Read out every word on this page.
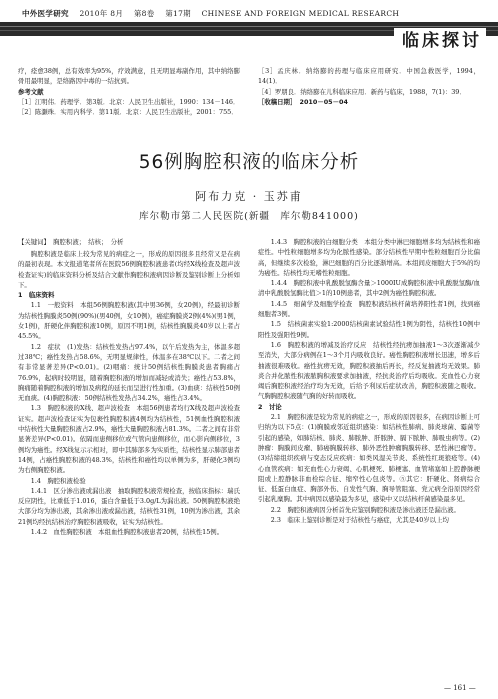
中外医学研究 2010年 8月 第8卷 第17期 CHINESE AND FOREIGN MEDICAL RESEARCH
临床探讨

疗，痊愈38例，总有效率为95%，疗效满意，且无明显毒副作用，其中纳络膨骨用最明显，是络路因中毒的一结抗到。

参考文献

［1］江明伟．药理学．第3版．北京：人民卫生出版社，1990：134－146．

［2］陈灏珠．实用内科学．第11版．北京：人民卫生出版社，2001：755．

［3］孟庆林．纳络膨的药理与临床应用研究．中国急救医学，1994，14(1)．

［4］罗朋良．纳络膨在儿科临床应用．新药与临床，1988，7(1)：39．

［收稿日期］　2010－05－04

56例胸腔积液的临床分析
阿布力克 · 玉苏甫
库尔勒市第二人民医院(新疆　库尔勒841000)
【关键词】　胸腔积液；　结核；　分析

胸腔积液是临床上较为常见的病症之一，形成的原因很多且经常又是在病的最初表现。本文报道笔者所在医院56例胸腔积液患者(均经X线检查及超声波检查证实)的临床资料分析及结合文献作胸腔积液病因诊断及鉴别诊断上分析如下。

1　临床资料

1.1　一般资料　本组56例胸腔积液(其中男36例，女20例)，经最初诊断为结核性胸膜炎50例(90%)(男40例，女10例)，癌症胸膜炎2例(4%)(男1例，女1例)，肝硬化伴胸腔积液10例，原因不明1例，结核性胸膜炎40岁以上者占45.5%。

1.2　症状　(1)发热：结核性发热占97.4%，以午后发热为主，体温多超过38℃；癌性发热占58.6%，无明显规律性，体温多在38℃以下。二者之间有非常显著差异(P<0.01)。(2)咽痛：统计50例结核性胸膜炎患者胸痛占76.9%，起病时较明显，随着胸腔积液的增加而减轻或消失；癌性占53.8%，胸痛随着胸腔积液的增加及病程的延长而呈进行性加重。(3)血痰：结核性50例无血痰。(4)胸腔积液：50例结核性发热占34.2%，癌性占3.4%。

1.3　胸腔积液的X线、超声波检查　本组56例患者均行X线及超声波检查证实。超声波检查证实为包裹性胸腔积液4例均为结核性，51例血性胸腔积液中结核性大量胸腔积液占2.9%，癌性大量胸腔积液占81.3%。二者之间有非常显著差异(P<0.01)。依隔而患侧移位或气管向患侧移位，而心影向侧移位，3例均为癌性。经X线复示示相对，即中其肺部多为实质性，结核性显示肺部患者14例，占癌性胸腔积液的48.3%，结核性和癌性均以单侧为多，肝硬化3例均为右侧胸腔积液。

1.4　胸腔积液检验

1.4.1　区分渗出液或漏出液　抽取胸腔积液常规检查，按临床指标：瑞氏反应阴性，比重低于1.016，蛋白含量低于3.0g/L为漏出液。50例胸腔积液绝大部分均为渗出液，其余渗出液或漏出液，结核性31例，10例为渗出液，其余21例均经抗结核治疗胸腔积液吸收，证实为结核性。

1.4.2　血性胸腔积液　本组血性胸腔积液患者20例，结核性15例。

1.4.3　胸腔积液的白细胞分类　本组分类中淋巴细胞增多均为结核性和癌症性。中性粒细胞增多均为化脓性感染。部分结核性早期中性粒细胞百分比偏高，但继续多次检验，淋巴细胞的百分比逐渐增高。本组间皮细胞大于5%的均为癌性。结核性均无嗜性粒细胞。

1.4.4　胸腔积液中乳酸脱氢酶含量＞1000IU成胸腔积液中乳酸脱氢酶/血清中乳酸脱氢酶比值＞1的10例患者，其中2例为癌性胸腔积液。

1.4.5　细菌学及细胞学检查　胸腔积液结核杆菌培养阳性者1例，找到癌细胞者3例。

1.5　结核菌素实验1:2000结核菌素试验结性1例为阴性，结核性10例中阳性及强阳性9例。

1.6　胸腔积液的增减及治疗反应　结核性经抗痨加抽液1～3次逐渐减少至消失，大部分病例在1～3个月内吸收良好。癌性胸腔积液增长迅速，增多后抽液很难吸收。癌性抗痨无效，胸腔积液抽后再长，经反复抽液均无效果。肺炎合并化脓性积液脓胸积液要求加抽液，经抗炎治疗后均吸收。充血性心力衰竭后胸腔积液经治疗均为无效，后给予利尿后症状改善，胸腔积液随之吸收。气胸胸腔积液随气胸的好转而吸收。

2　讨论

2.1　胸腔积液是较为常见的病症之一，形成的原因很多，在病因诊断上可归纳为以下5点：(1)胸膜或邻近组织感染：如结核性肺病、肺炎球菌、霉菌等引起的感染，如肺结核、肺炎、肺脓肿、肝脓肿、膈下脓肿、肺吸虫病等。(2)肿瘤：胸膜间皮瘤、肺癌胸膜转移、肺外恶性肿瘤胸膜转移、恶性淋巴瘤等。(3)结缔组织疾病与变态反应疾病：如类风湿关节炎、系统性红斑狼疮等。(4)心血管疾病：如充血性心力衰竭、心肌梗死、肺梗塞、血管堵塞如上腔静脉梗阻或上腔静脉非血栓综合征、缩窄性心包炎等。⑤其它：肝硬化、肾病综合征、低蛋白血症、胸部外伤、自发性气胸、胸导管阻塞、党元病全沿原因经常引起乳糜胸。其中病因以感染最为多见，感染中又以结核杆菌感染最多见。

2.2　胸腔积液病因分析首先应鉴别胸腔积液是渗出液还是漏出液。

2.3　临床上鉴别诊断是对于结核性与癌症，尤其是40岁以上均

— 161 —
